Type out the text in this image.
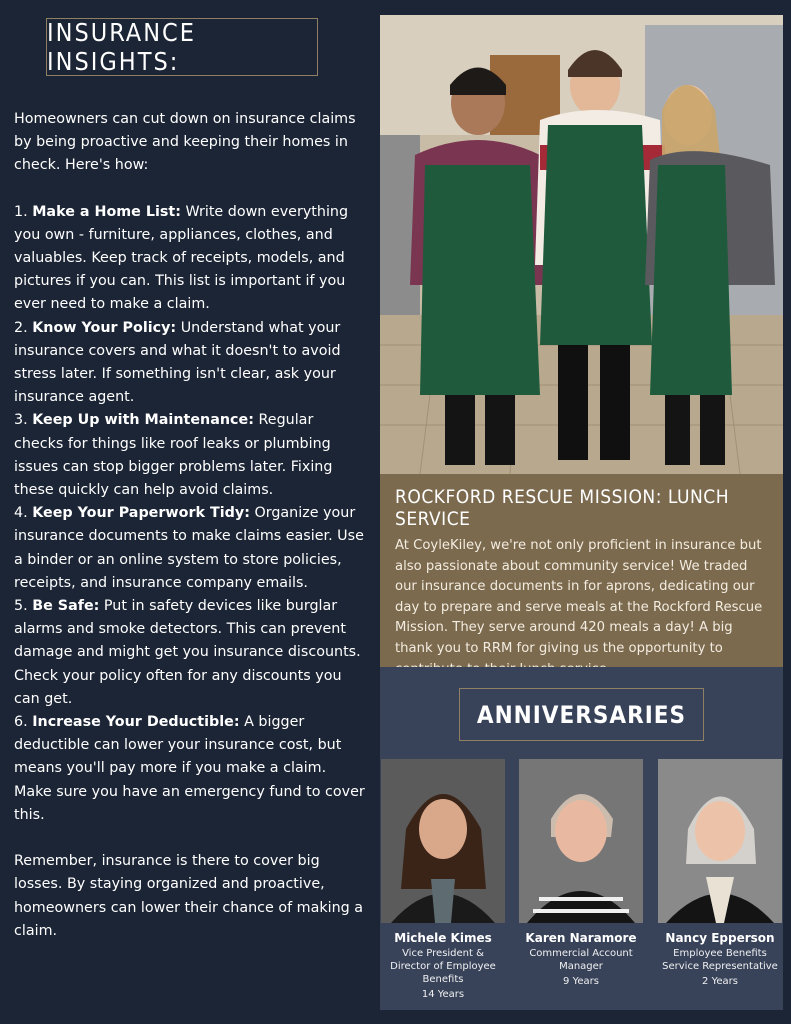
INSURANCE INSIGHTS:

Homeowners can cut down on insurance claims by being proactive and keeping their homes in check. Here's how:

1. Make a Home List: Write down everything you own - furniture, appliances, clothes, and valuables. Keep track of receipts, models, and pictures if you can. This list is important if you ever need to make a claim.

2. Know Your Policy: Understand what your insurance covers and what it doesn't to avoid stress later. If something isn't clear, ask your insurance agent.

3. Keep Up with Maintenance: Regular checks for things like roof leaks or plumbing issues can stop bigger problems later. Fixing these quickly can help avoid claims.

4. Keep Your Paperwork Tidy: Organize your insurance documents to make claims easier. Use a binder or an online system to store policies, receipts, and insurance company emails.

5. Be Safe: Put in safety devices like burglar alarms and smoke detectors. This can prevent damage and might get you insurance discounts. Check your policy often for any discounts you can get.

6. Increase Your Deductible: A bigger deductible can lower your insurance cost, but means you'll pay more if you make a claim. Make sure you have an emergency fund to cover this.

Remember, insurance is there to cover big losses. By staying organized and proactive, homeowners can lower their chance of making a claim.

ROCKFORD RESCUE MISSION: LUNCH SERVICE

At CoyleKiley, we're not only proficient in insurance but also passionate about community service! We traded our insurance documents in for aprons, dedicating our day to prepare and serve meals at the Rockford Rescue Mission. They serve around 420 meals a day! A big thank you to RRM for giving us the opportunity to

ANNIVERSARIES
Michele Kimes
Vice President & Director of Employee Benefits
14 Years
Karen Naramore
Commercial Account Manager
9 Years
Nancy Epperson
Employee Benefits Service Representative
2 Years
